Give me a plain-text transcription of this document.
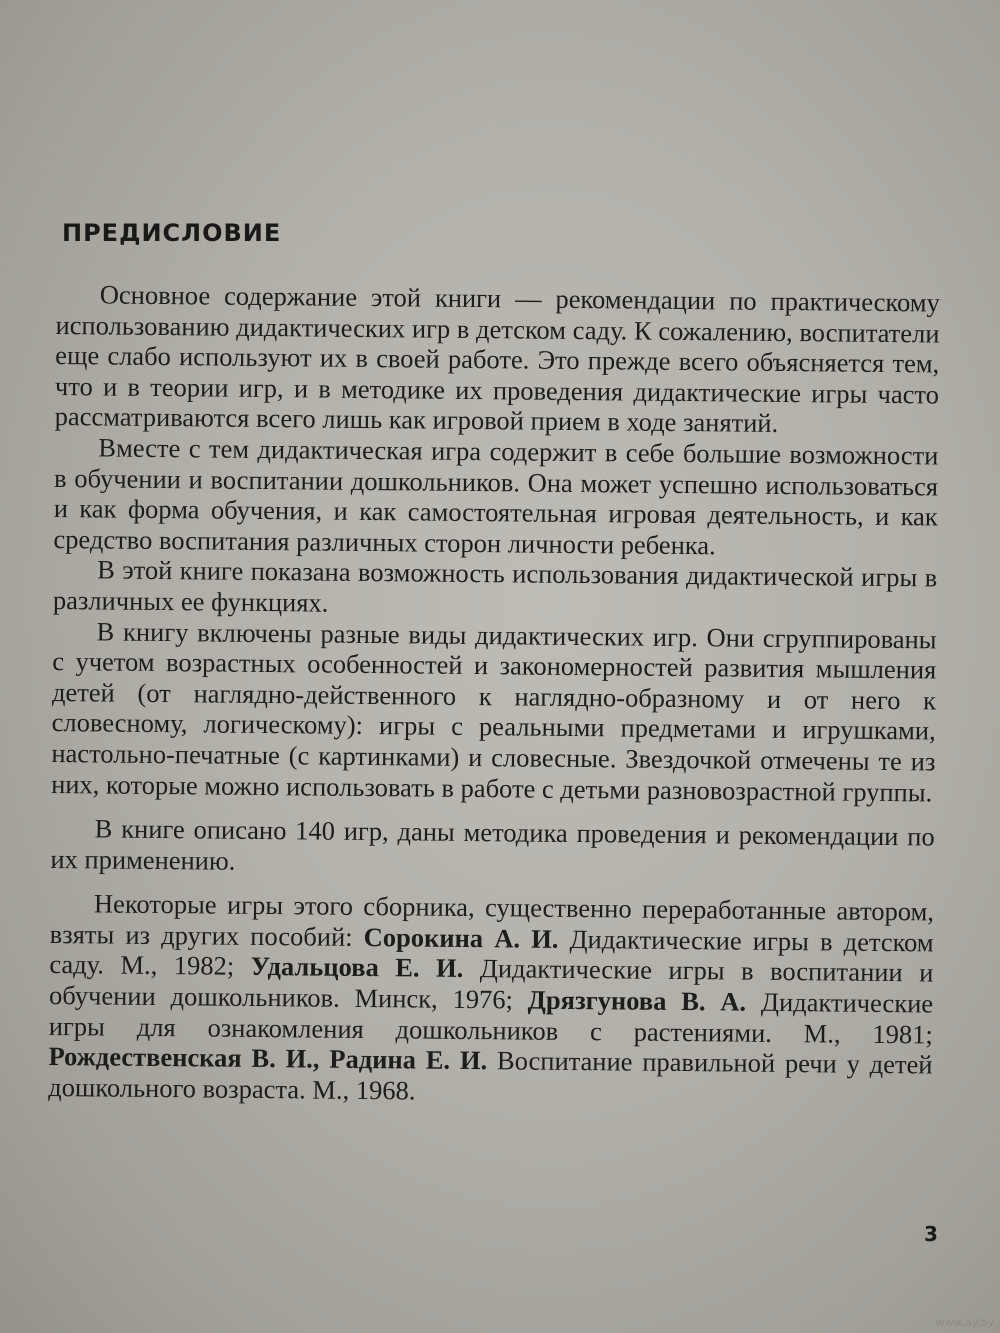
ПРЕДИСЛОВИЕ

Основное содержание этой книги — рекомендации по практическому использованию дидактических игр в детском саду. К сожалению, воспитатели еще слабо используют их в своей работе. Это прежде всего объясняется тем, что и в теории игр, и в методике их проведения дидактические игры часто рассматриваются всего лишь как игровой прием в ходе занятий.

Вместе с тем дидактическая игра содержит в себе большие возможности в обучении и воспитании дошкольников. Она может успешно использоваться и как форма обучения, и как самостоятельная игровая деятельность, и как средство воспитания различных сторон личности ребенка.

В этой книге показана возможность использования дидактической игры в различных ее функциях.

В книгу включены разные виды дидактических игр. Они сгруппированы с учетом возрастных особенностей и закономерностей развития мышления детей (от наглядно-действенного к наглядно-образному и от него к словесному, логическому): игры с реальными предметами и игрушками, настольно-печатные (с картинками) и словесные. Звездочкой отмечены те из них, которые можно использовать в работе с детьми разновозрастной группы.

В книге описано 140 игр, даны методика проведения и рекомендации по их применению.

Некоторые игры этого сборника, существенно переработанные автором, взяты из других пособий: Сорокина А. И. Дидактические игры в детском саду. М., 1982; Удальцова Е. И. Дидактические игры в воспитании и обучении дошкольников. Минск, 1976; Дрязгунова В. А. Дидактические игры для ознакомления дошкольников с растениями. М., 1981; Рождественская В. И., Радина Е. И. Воспитание правильной речи у детей дошкольного возраста. М., 1968.

3
www.ay.by
